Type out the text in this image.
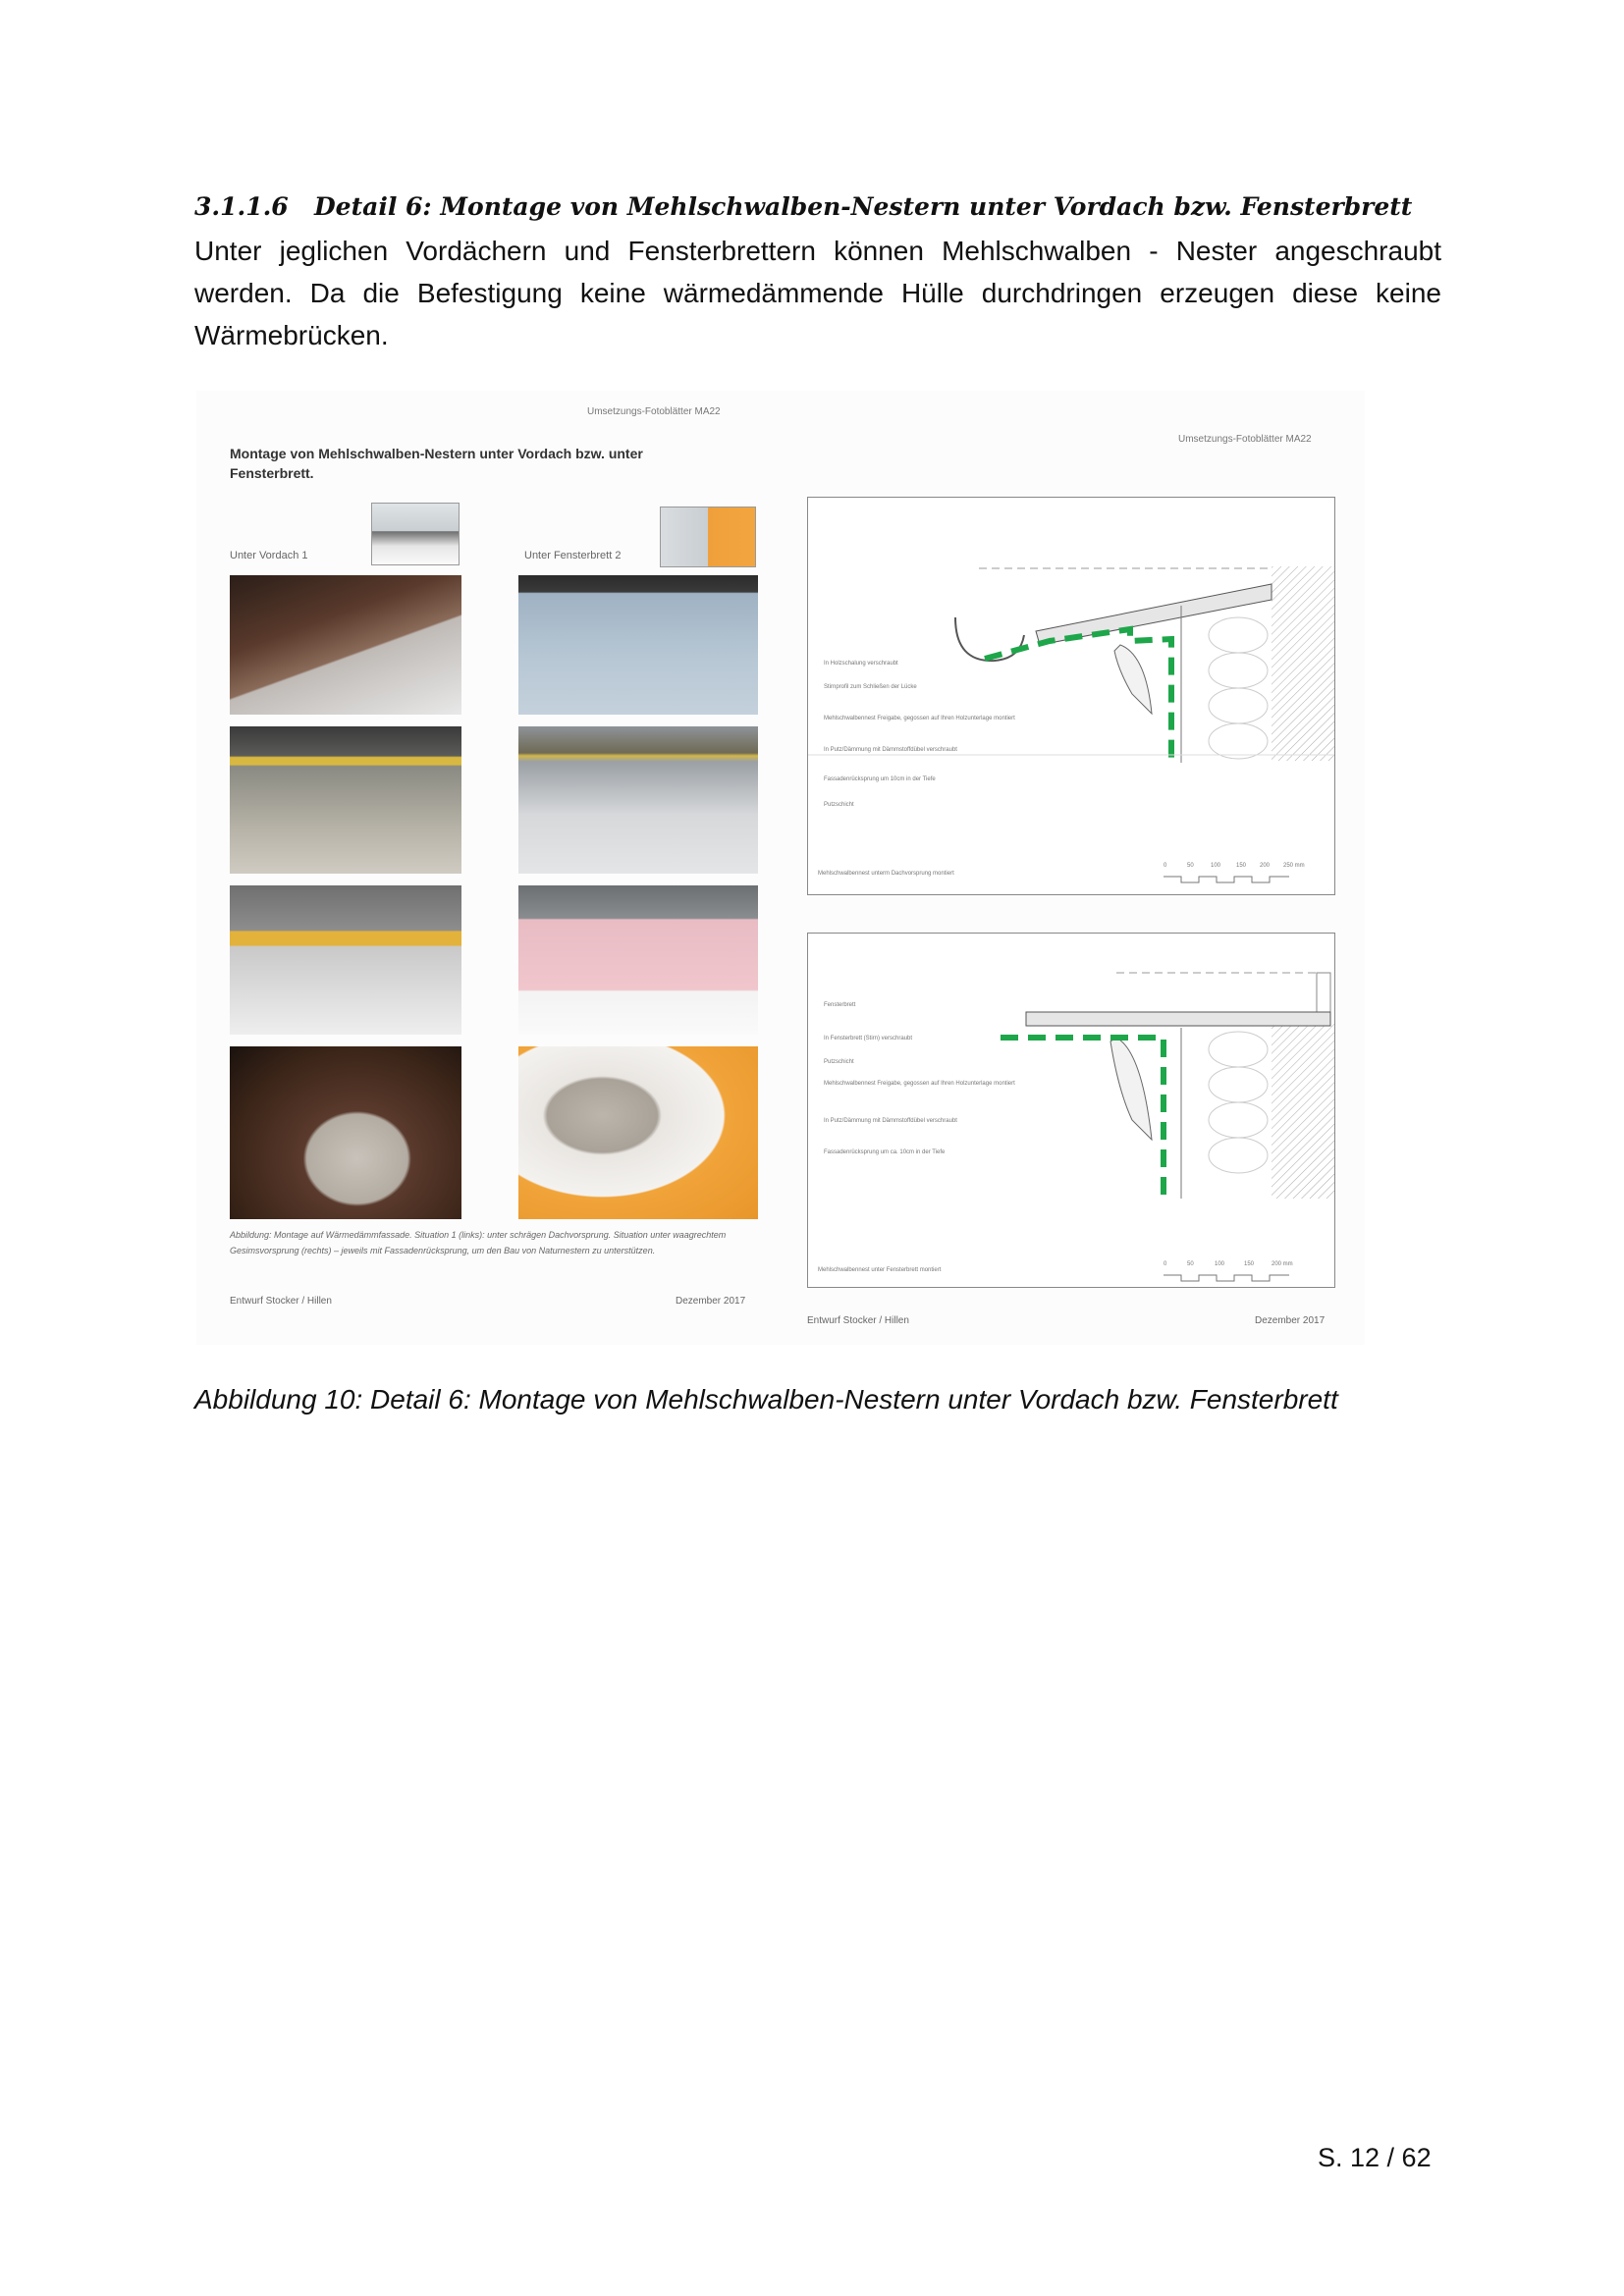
3.1.1.6 Detail 6: Montage von Mehlschwalben-Nestern unter Vordach bzw. Fensterbrett
Unter jeglichen Vordächern und Fensterbrettern können Mehlschwalben - Nester angeschraubt werden. Da die Befestigung keine wärmedämmende Hülle durchdringen erzeugen diese keine Wärmebrücken.
Umsetzungs-Fotoblätter MA22
Montage von Mehlschwalben-Nestern unter Vordach bzw. unter Fensterbrett.
Unter Vordach 1	Unter Fensterbrett 2
Abbildung: Montage auf Wärmedämmfassade. Situation 1 (links): unter schrägen Dachvorsprung. Situation unter waagrechtem Gesimsvorsprung (rechts) – jeweils mit Fassadenrücksprung, um den Bau von Naturnestern zu unterstützen.
Entwurf Stocker / Hillen	Dezember 2017
Umsetzungs-Fotoblätter MA22
In Holzschalung verschraubt
Stirnprofil zum Schließen der Lücke
Mehlschwalbennest Freigabe, gegossen auf Ihren Holzunterlage montiert
In Putz/Dämmung mit Dämmstoffdübel verschraubt
Fassadenrücksprung um 10cm in der Tiefe
Putzschicht
Mehlschwalbennest unterm Dachvorsprung montiert
0	50	100	150 200 250 mm
Fensterbrett
In Fensterbrett (Stirn) verschraubt
Putzschicht
Mehlschwalbennest Freigabe, gegossen auf Ihren Holzunterlage montiert
In Putz/Dämmung mit Dämmstoffdübel verschraubt
Fassadenrücksprung um ca. 10cm in der Tiefe
Mehlschwalbennest unter Fensterbrett montiert
0	50	100	150	200 mm
Entwurf Stocker / Hillen	Dezember 2017
Abbildung 10: Detail 6: Montage von Mehlschwalben-Nestern unter Vordach bzw. Fensterbrett
S. 12 / 62
